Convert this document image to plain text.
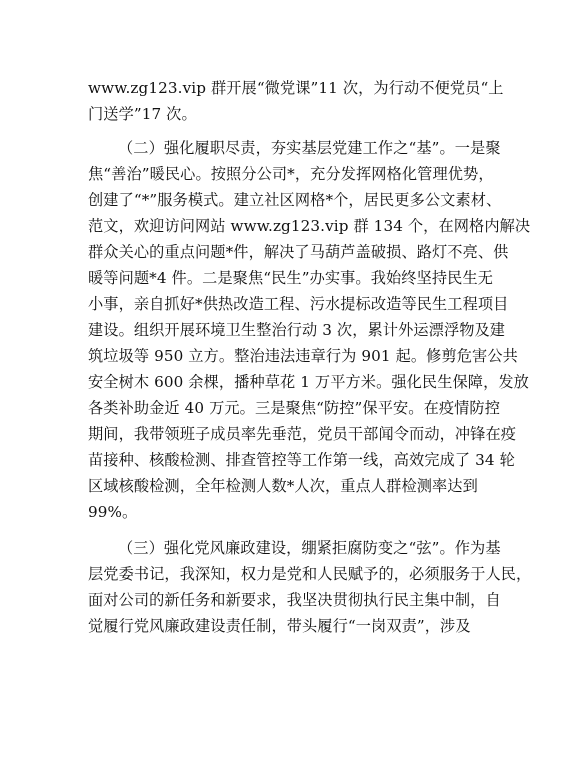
www.zg123.vip 群开展“微党课”11 次，为行动不便党员“上
门送学”17 次。
（二）强化履职尽责，夯实基层党建工作之“基”。一是聚
焦“善治”暖民心。按照分公司*，充分发挥网格化管理优势，
创建了“*”服务模式。建立社区网格*个，居民更多公文素材、
范文，欢迎访问网站 www.zg123.vip 群 134 个，在网格内解决
群众关心的重点问题*件，解决了马葫芦盖破损、路灯不亮、供
暖等问题*4 件。二是聚焦“民生”办实事。我始终坚持民生无
小事，亲自抓好*供热改造工程、污水提标改造等民生工程项目
建设。组织开展环境卫生整治行动 3 次，累计外运漂浮物及建
筑垃圾等 950 立方。整治违法违章行为 901 起。修剪危害公共
安全树木 600 余棵，播种草花 1 万平方米。强化民生保障，发放
各类补助金近 40 万元。三是聚焦“防控”保平安。在疫情防控
期间，我带领班子成员率先垂范，党员干部闻令而动，冲锋在疫
苗接种、核酸检测、排查管控等工作第一线，高效完成了 34 轮
区域核酸检测，全年检测人数*人次，重点人群检测率达到
99%。
（三）强化党风廉政建设，绷紧拒腐防变之“弦”。作为基
层党委书记，我深知，权力是党和人民赋予的，必须服务于人民，
面对公司的新任务和新要求，我坚决贯彻执行民主集中制，自
觉履行党风廉政建设责任制，带头履行“一岗双责”，涉及
